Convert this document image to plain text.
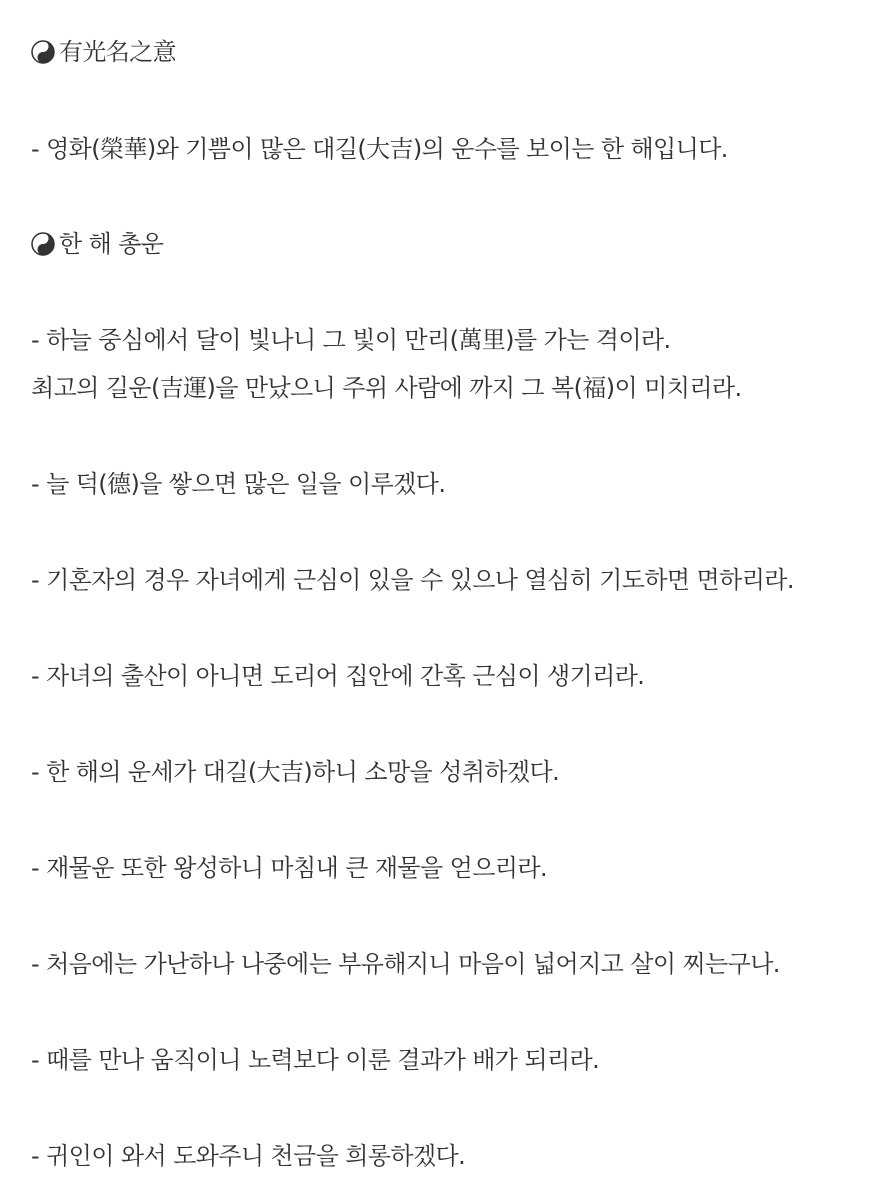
有光名之意
- 영화(榮華)와 기쁨이 많은 대길(大吉)의 운수를 보이는 한 해입니다.
한 해 총운
- 하늘 중심에서 달이 빛나니 그 빛이 만리(萬里)를 가는 격이라.
최고의 길운(吉運)을 만났으니 주위 사람에 까지 그 복(福)이 미치리라.
- 늘 덕(德)을 쌓으면 많은 일을 이루겠다.
- 기혼자의 경우 자녀에게 근심이 있을 수 있으나 열심히 기도하면 면하리라.
- 자녀의 출산이 아니면 도리어 집안에 간혹 근심이 생기리라.
- 한 해의 운세가 대길(大吉)하니 소망을 성취하겠다.
- 재물운 또한 왕성하니 마침내 큰 재물을 얻으리라.
- 처음에는 가난하나 나중에는 부유해지니 마음이 넓어지고 살이 찌는구나.
- 때를 만나 움직이니 노력보다 이룬 결과가 배가 되리라.
- 귀인이 와서 도와주니 천금을 희롱하겠다.
